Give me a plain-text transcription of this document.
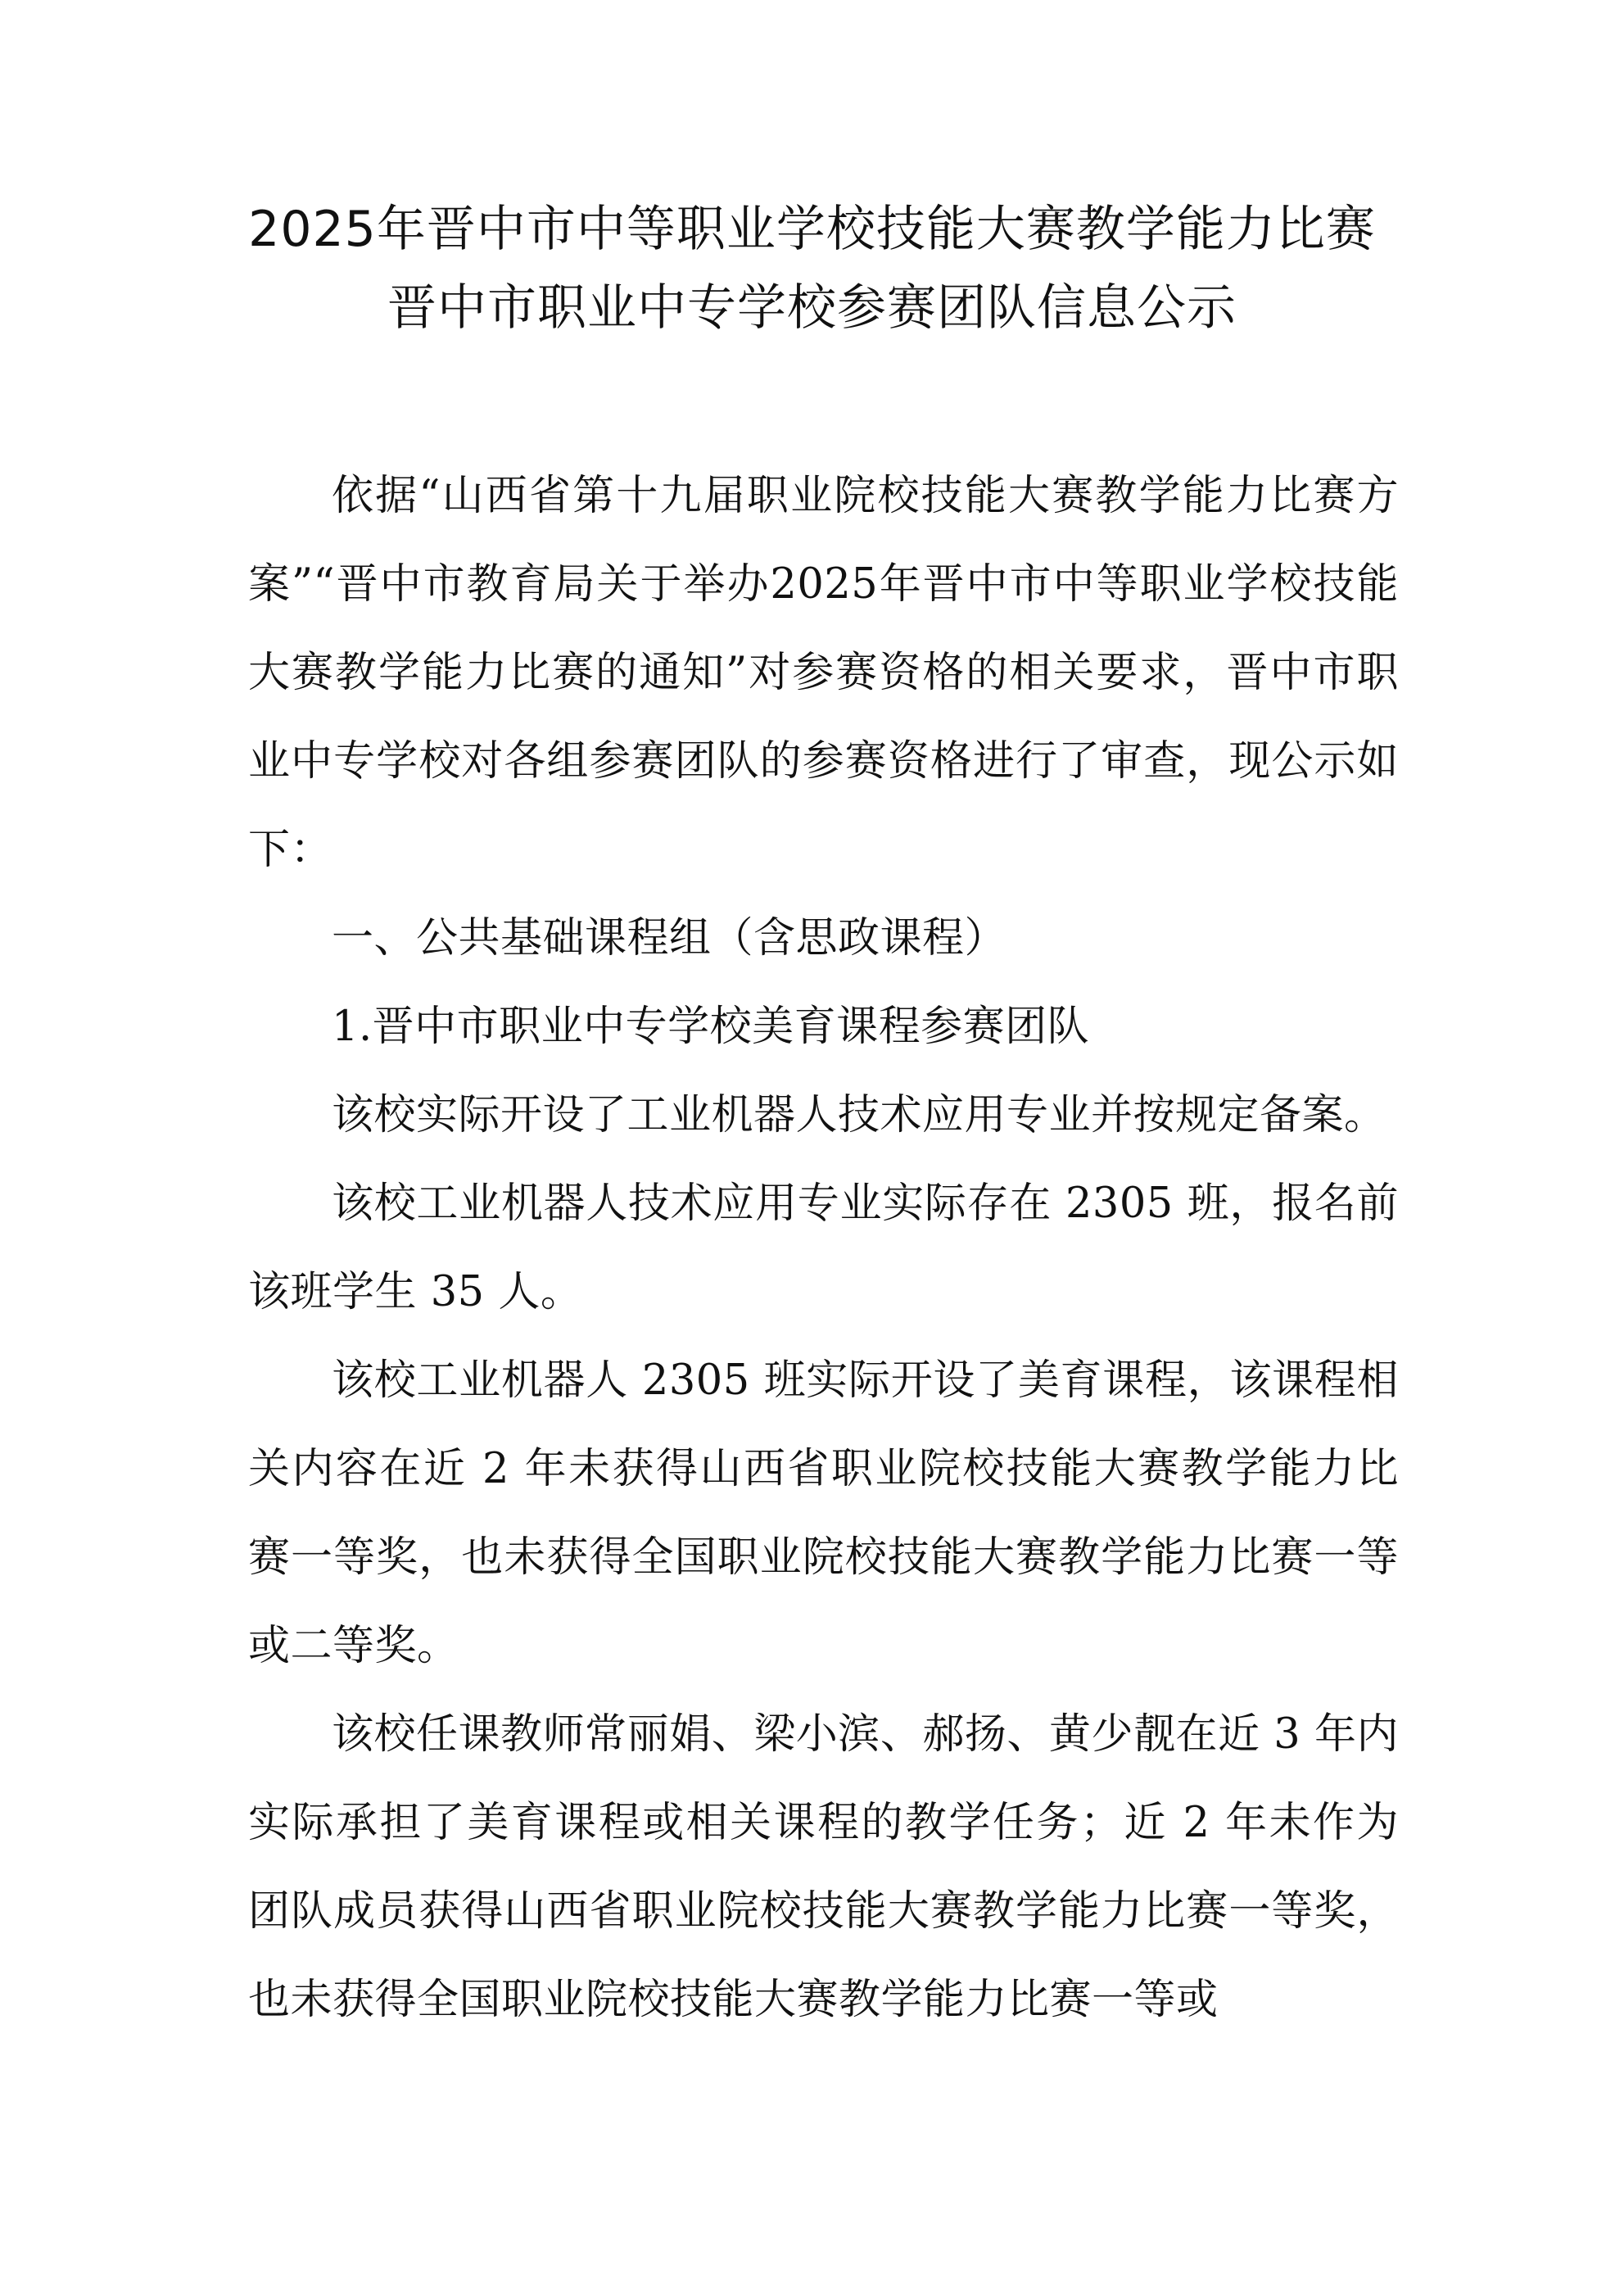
2025年晋中市中等职业学校技能大赛教学能力比赛
晋中市职业中专学校参赛团队信息公示

依据“山西省第十九届职业院校技能大赛教学能力比赛方案”“晋中市教育局关于举办2025年晋中市中等职业学校技能大赛教学能力比赛的通知”对参赛资格的相关要求，晋中市职业中专学校对各组参赛团队的参赛资格进行了审查，现公示如下：

一、公共基础课程组（含思政课程）

1.晋中市职业中专学校美育课程参赛团队

该校实际开设了工业机器人技术应用专业并按规定备案。

该校工业机器人技术应用专业实际存在 2305 班，报名前该班学生 35 人。

该校工业机器人 2305 班实际开设了美育课程，该课程相关内容在近 2 年未获得山西省职业院校技能大赛教学能力比赛一等奖，也未获得全国职业院校技能大赛教学能力比赛一等或二等奖。

该校任课教师常丽娟、梁小滨、郝扬、黄少靓在近 3 年内实际承担了美育课程或相关课程的教学任务；近 2 年未作为团队成员获得山西省职业院校技能大赛教学能力比赛一等奖，也未获得全国职业院校技能大赛教学能力比赛一等或
